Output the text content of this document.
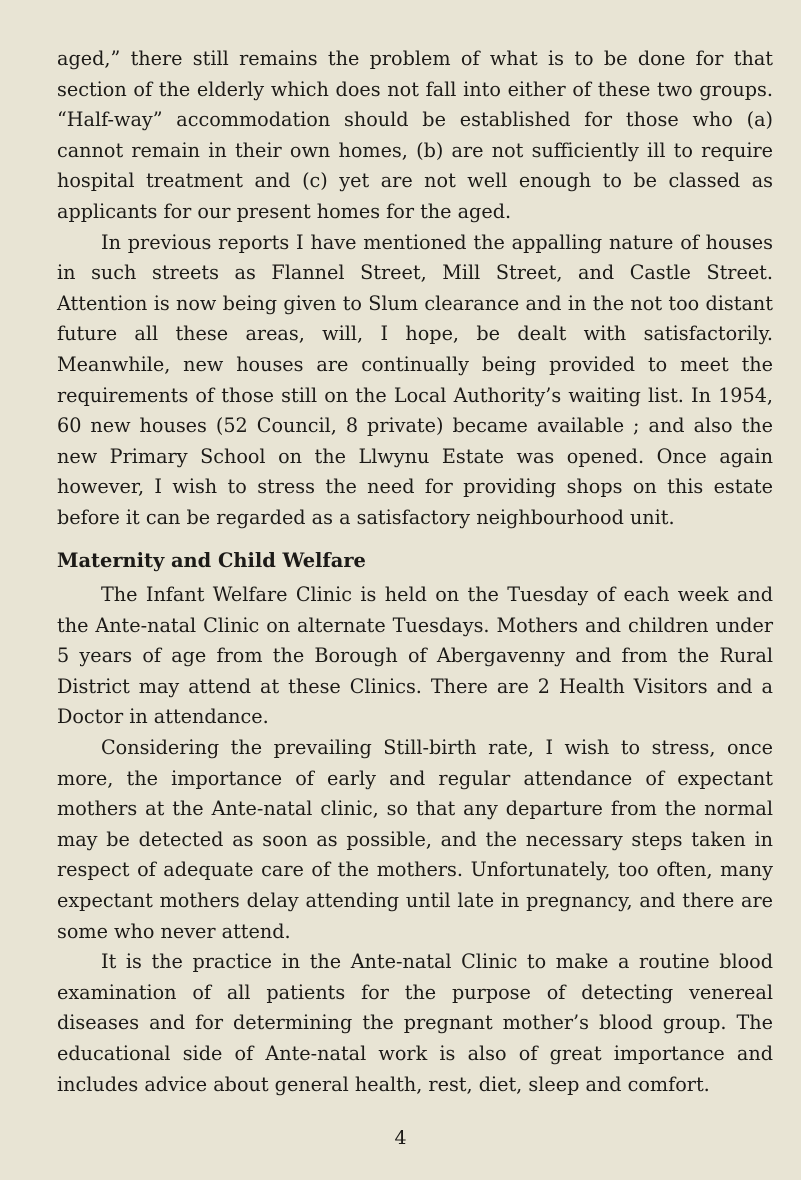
aged,” there still remains the problem of what is to be done for that section of the elderly which does not fall into either of these two groups. “Half-way” accommodation should be established for those who (a) cannot remain in their own homes, (b) are not sufficiently ill to require hospital treatment and (c) yet are not well enough to be classed as applicants for our present homes for the aged.

In previous reports I have mentioned the appalling nature of houses in such streets as Flannel Street, Mill Street, and Castle Street. Attention is now being given to Slum clearance and in the not too distant future all these areas, will, I hope, be dealt with satisfactorily. Meanwhile, new houses are continually being provided to meet the requirements of those still on the Local Authority’s waiting list. In 1954, 60 new houses (52 Council, 8 private) became available ; and also the new Primary School on the Llwynu Estate was opened. Once again however, I wish to stress the need for providing shops on this estate before it can be regarded as a satisfactory neighbourhood unit.

Maternity and Child Welfare

The Infant Welfare Clinic is held on the Tuesday of each week and the Ante-natal Clinic on alternate Tuesdays. Mothers and children under 5 years of age from the Borough of Abergavenny and from the Rural District may attend at these Clinics. There are 2 Health Visitors and a Doctor in attendance.

Considering the prevailing Still-birth rate, I wish to stress, once more, the importance of early and regular attendance of expectant mothers at the Ante-natal clinic, so that any departure from the normal may be detected as soon as possible, and the necessary steps taken in respect of adequate care of the mothers. Unfortunately, too often, many expectant mothers delay attending until late in pregnancy, and there are some who never attend.

It is the practice in the Ante-natal Clinic to make a routine blood examination of all patients for the purpose of detecting venereal diseases and for determining the pregnant mother’s blood group. The educational side of Ante-natal work is also of great importance and includes advice about general health, rest, diet, sleep and comfort.

4
